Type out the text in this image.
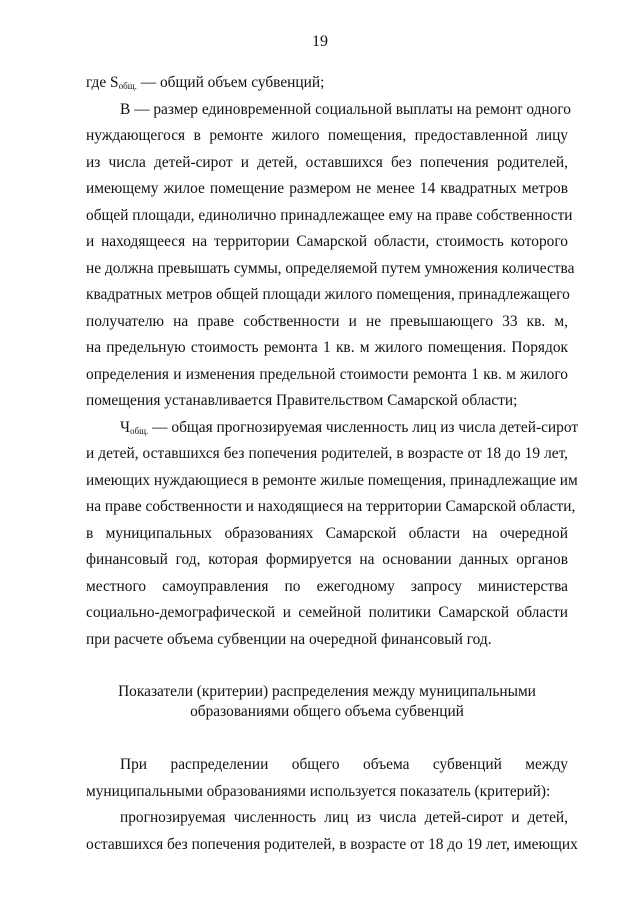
19
где $S_{общ.}$ — общий объем субвенций;
B — размер единовременной социальной выплаты на ремонт одного
нуждающегося в ремонте жилого помещения, предоставленной лицу
из числа детей-сирот и детей, оставшихся без попечения родителей,
имеющему жилое помещение размером не менее 14 квадратных метров
общей площади, единолично принадлежащее ему на праве собственности
и находящееся на территории Самарской области, стоимость которого
не должна превышать суммы, определяемой путем умножения количества
квадратных метров общей площади жилого помещения, принадлежащего
получателю на праве собственности и не превышающего 33 кв. м,
на предельную стоимость ремонта 1 кв. м жилого помещения. Порядок
определения и изменения предельной стоимости ремонта 1 кв. м жилого
помещения устанавливается Правительством Самарской области;
$Ч_{общ.}$ — общая прогнозируемая численность лиц из числа детей-сирот
и детей, оставшихся без попечения родителей, в возрасте от 18 до 19 лет,
имеющих нуждающиеся в ремонте жилые помещения, принадлежащие им
на праве собственности и находящиеся на территории Самарской области,
в муниципальных образованиях Самарской области на очередной
финансовый год, которая формируется на основании данных органов
местного самоуправления по ежегодному запросу министерства
социально-демографической и семейной политики Самарской области
при расчете объема субвенции на очередной финансовый год.
Показатели (критерии) распределения между муниципальными
образованиями общего объема субвенций
При распределении общего объема субвенций между
муниципальными образованиями используется показатель (критерий):
прогнозируемая численность лиц из числа детей-сирот и детей,
оставшихся без попечения родителей, в возрасте от 18 до 19 лет, имеющих
